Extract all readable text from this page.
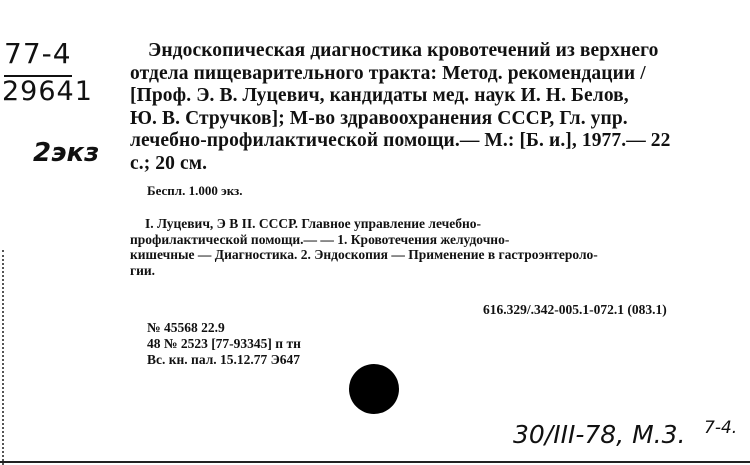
77-4
29641
2экз
Эндоскопическая диагностика кровотечений из верхнего
отдела пищеварительного тракта: Метод. рекомендации /
[Проф. Э. В. Луцевич, кандидаты мед. наук И. Н. Белов,
Ю. В. Стручков]; М-во здравоохранения СССР, Гл. упр.
лечебно-профилактической помощи.— М.: [Б. и.], 1977.— 22
с.; 20 см.
Беспл. 1.000 экз.
I. Луцевич, Э В II. СССР. Главное управление лечебно-
профилактической помощи.— — 1. Кровотечения желудочно-
кишечные — Диагностика. 2. Эндоскопия — Применение в гастроэнтероло-
гии.
616.329/.342-005.1-072.1 (083.1)
№ 45568 22.9
48 № 2523 [77-93345] п тн
Вс. кн. пал. 15.12.77 Э647
30/III-78, M.3. 7-4.
